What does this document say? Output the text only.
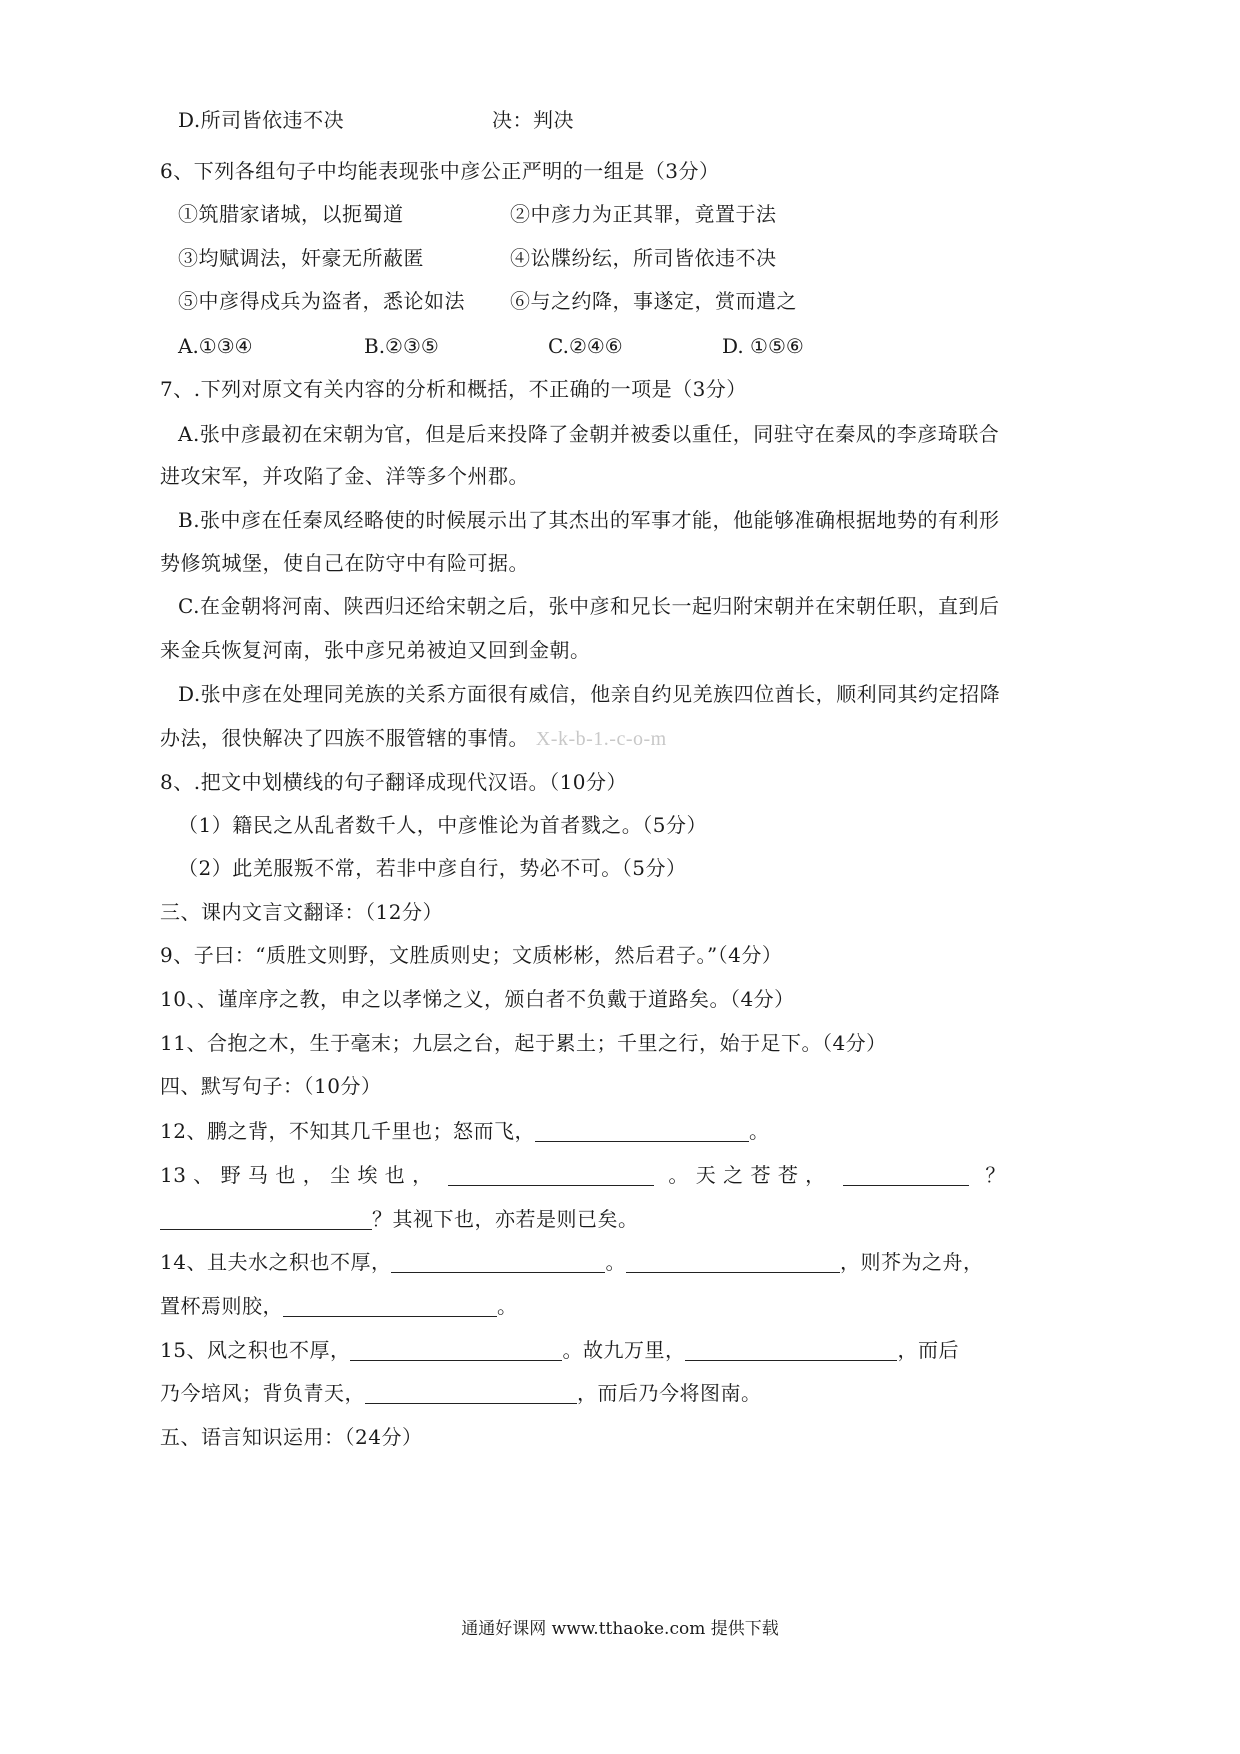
D.所司皆依违不决	决：判决
6、下列各组句子中均能表现张中彦公正严明的一组是（3分）
①筑腊家诸城，以扼蜀道	②中彦力为正其罪，竟置于法
③均赋调法，奸豪无所蔽匿	④讼牒纷纭，所司皆依违不决
⑤中彦得戍兵为盗者，悉论如法 ⑥与之约降，事遂定，赏而遣之
A.①③④	B.②③⑤	C.②④⑥	D. ①⑤⑥
7、.下列对原文有关内容的分析和概括，不正确的一项是（3分）
A.张中彦最初在宋朝为官，但是后来投降了金朝并被委以重任，同驻守在秦凤的李彦琦联合
进攻宋军，并攻陷了金、洋等多个州郡。
B.张中彦在任秦凤经略使的时候展示出了其杰出的军事才能，他能够准确根据地势的有利形
势修筑城堡，使自己在防守中有险可据。
C.在金朝将河南、陕西归还给宋朝之后，张中彦和兄长一起归附宋朝并在宋朝任职，直到后
来金兵恢复河南，张中彦兄弟被迫又回到金朝。
D.张中彦在处理同羌族的关系方面很有威信，他亲自约见羌族四位酋长，顺利同其约定招降
办法，很快解决了四族不服管辖的事情。 X-k-b-1.-c-o-m
8、.把文中划横线的句子翻译成现代汉语。（10分）
（1）籍民之从乱者数千人，中彦惟论为首者戮之。（5分）
（2）此羌服叛不常，若非中彦自行，势必不可。（5分）
三、课内文言文翻译：（12分）
9、子曰：“质胜文则野，文胜质则史；文质彬彬，然后君子。”（4分）
10、、谨庠序之教，申之以孝悌之义，颁白者不负戴于道路矣。（4分）
11、合抱之木，生于毫末；九层之台，起于累土；千里之行，始于足下。（4分）
四、默写句子：（10分）
12、鹏之背，不知其几千里也；怒而飞，	。
13 、 野 马 也 ， 尘 埃 也 ，	。 天 之 苍 苍 ，	？
？其视下也，亦若是则已矣。
14、且夫水之积也不厚，	。	，则芥为之舟，
置杯焉则胶，	。
15、风之积也不厚，	。故九万里，	，而后
乃今培风；背负青天，	，而后乃今将图南。
五、语言知识运用：（24分）
通通好课网 www.tthaoke.com 提供下载
